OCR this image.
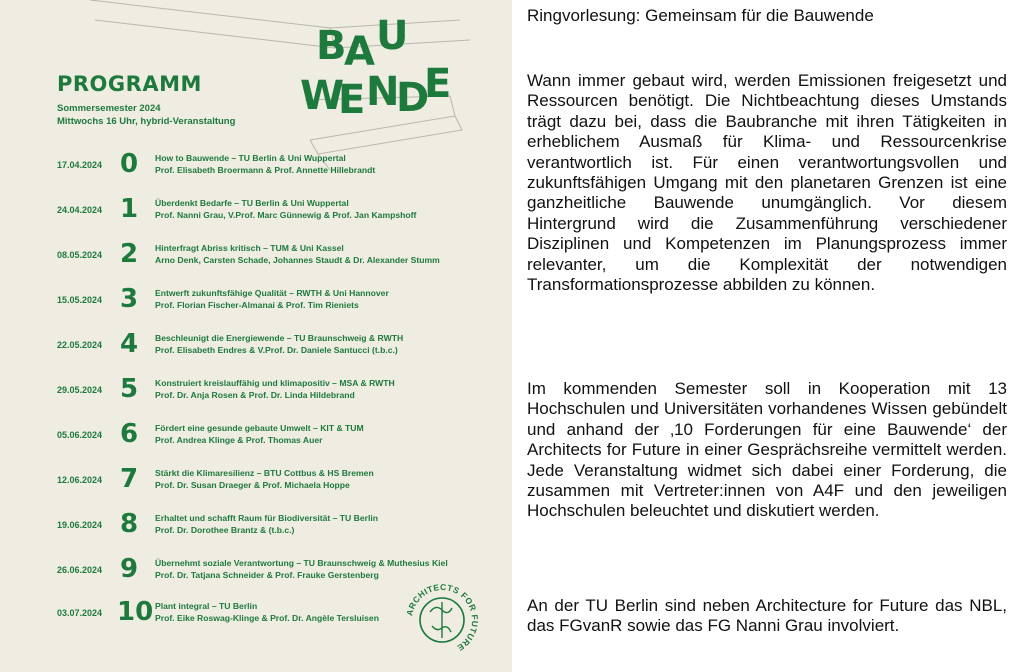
B
A U
W
E N
D
E
PROGRAMM
Sommersemester 2024
Mittwochs 16 Uhr, hybrid-Veranstaltung
17.04.2024 0 How to Bauwende – TU Berlin & Uni Wuppertal
Prof. Elisabeth Broermann & Prof. Annette Hillebrandt
24.04.2024 1 Überdenkt Bedarfe – TU Berlin & Uni Wuppertal
Prof. Nanni Grau, V.Prof. Marc Günnewig & Prof. Jan Kampshoff
08.05.2024 2 Hinterfragt Abriss kritisch – TUM & Uni Kassel
Arno Denk, Carsten Schade, Johannes Staudt & Dr. Alexander Stumm
15.05.2024 3 Entwerft zukunftsfähige Qualität – RWTH & Uni Hannover
Prof. Florian Fischer-Almanai & Prof. Tim Rieniets
22.05.2024 4 Beschleunigt die Energiewende – TU Braunschweig & RWTH
Prof. Elisabeth Endres & V.Prof. Dr. Daniele Santucci (t.b.c.)
29.05.2024 5 Konstruiert kreislauffähig und klimapositiv – MSA & RWTH
Prof. Dr. Anja Rosen & Prof. Dr. Linda Hildebrand
05.06.2024 6 Fördert eine gesunde gebaute Umwelt – KIT & TUM
Prof. Andrea Klinge & Prof. Thomas Auer
12.06.2024 7 Stärkt die Klimaresilienz – BTU Cottbus & HS Bremen
Prof. Dr. Susan Draeger & Prof. Michaela Hoppe
19.06.2024 8 Erhaltet und schafft Raum für Biodiversität – TU Berlin
Prof. Dr. Dorothee Brantz & (t.b.c.)
26.06.2024 9 Übernehmt soziale Verantwortung – TU Braunschweig & Muthesius Kiel
Prof. Dr. Tatjana Schneider & Prof. Frauke Gerstenberg
03.07.2024 10 Plant integral – TU Berlin
Prof. Eike Roswag-Klinge & Prof. Dr. Angèle Tersluisen
ARCHITECTS FOR FUTURE
Ringvorlesung: Gemeinsam für die Bauwende

Wann immer gebaut wird, werden Emissionen freigesetzt und Ressourcen benötigt. Die Nichtbeachtung dieses Umstands trägt dazu bei, dass die Baubranche mit ihren Tätigkeiten in erheblichem Ausmaß für Klima- und Ressourcenkrise verantwortlich ist. Für einen verantwortungsvollen und zukunftsfähigen Umgang mit den planetaren Grenzen ist eine ganzheitliche Bauwende unumgänglich. Vor diesem Hintergrund wird die Zusammenführung verschiedener Disziplinen und Kompetenzen im Planungsprozess immer relevanter, um die Komplexität der notwendigen Transformationsprozesse abbilden zu können.

Im kommenden Semester soll in Kooperation mit 13 Hochschulen und Universitäten vorhandenes Wissen gebündelt und anhand der ‚10 Forderungen für eine Bauwende‘ der Architects for Future in einer Gesprächsreihe vermittelt werden. Jede Veranstaltung widmet sich dabei einer Forderung, die zusammen mit Vertreter:innen von A4F und den jeweiligen Hochschulen beleuchtet und diskutiert werden.

An der TU Berlin sind neben Architecture for Future das NBL, das FGvanR sowie das FG Nanni Grau involviert.
